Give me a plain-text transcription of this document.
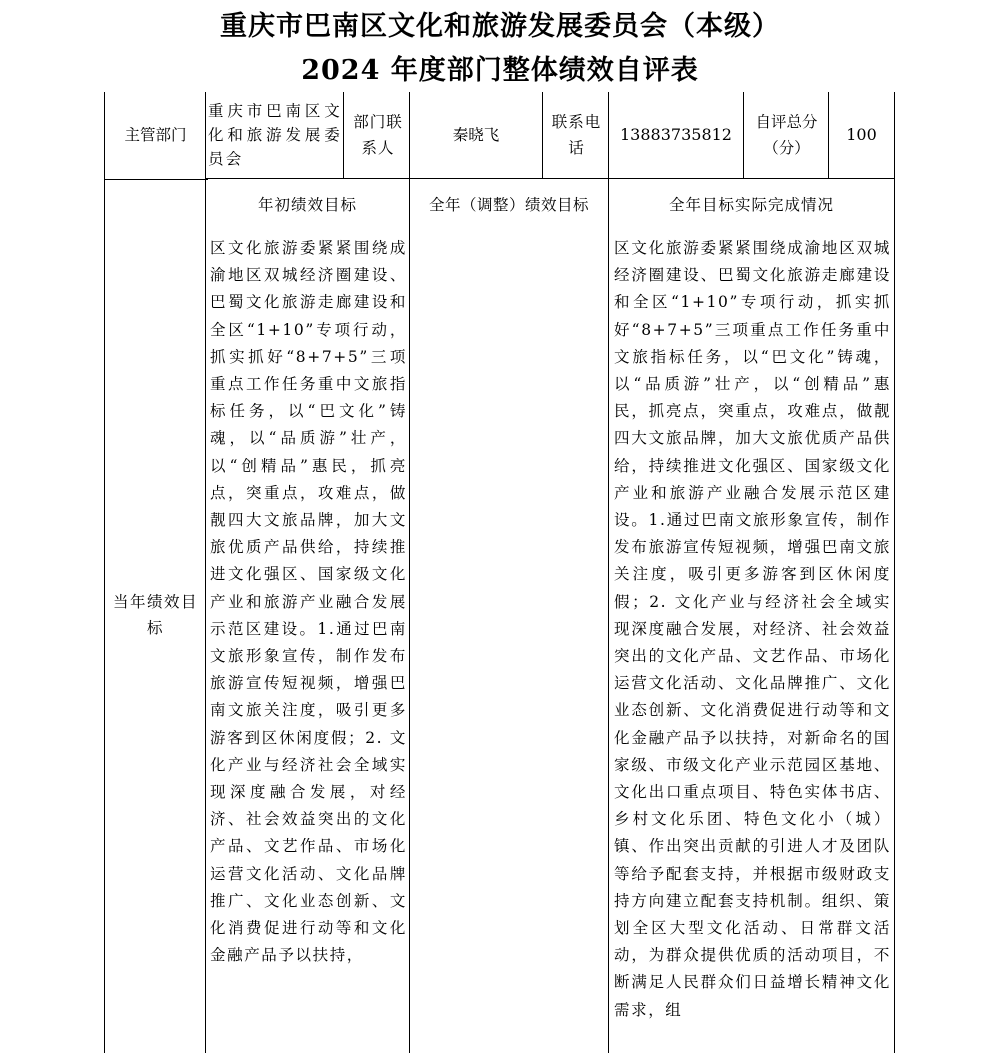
重庆市巴南区文化和旅游发展委员会（本级）
2024 年度部门整体绩效自评表
主管部门
重庆市巴南区文化和旅游发展委员会
部门联系人
秦晓飞
联系电话
13883735812
自评总分（分）
100
当年绩效目标
年初绩效目标	全年（调整）绩效目标	全年目标实际完成情况
区文化旅游委紧紧围绕成渝地区双城经济圈建设、巴蜀文化旅游走廊建设和全区“1+10”专项行动，抓实抓好“8+7+5”三项重点工作任务重中文旅指标任务，以“巴文化”铸魂，以“品质游”壮产，以“创精品”惠民，抓亮点，突重点，攻难点，做靓四大文旅品牌，加大文旅优质产品供给，持续推进文化强区、国家级文化产业和旅游产业融合发展示范区建设。1.通过巴南文旅形象宣传，制作发布旅游宣传短视频，增强巴南文旅关注度，吸引更多游客到区休闲度假；2. 文化产业与经济社会全域实现深度融合发展，对经济、社会效益突出的文化产品、文艺作品、市场化运营文化活动、文化品牌推广、文化业态创新、文化消费促进行动等和文化金融产品予以扶持，
区文化旅游委紧紧围绕成渝地区双城经济圈建设、巴蜀文化旅游走廊建设和全区“1+10”专项行动，抓实抓好“8+7+5”三项重点工作任务重中文旅指标任务，以“巴文化”铸魂，以“品质游”壮产，以“创精品”惠民，抓亮点，突重点，攻难点，做靓四大文旅品牌，加大文旅优质产品供给，持续推进文化强区、国家级文化产业和旅游产业融合发展示范区建设。1.通过巴南文旅形象宣传，制作发布旅游宣传短视频，增强巴南文旅关注度，吸引更多游客到区休闲度假；2. 文化产业与经济社会全域实现深度融合发展，对经济、社会效益突出的文化产品、文艺作品、市场化运营文化活动、文化品牌推广、文化业态创新、文化消费促进行动等和文化金融产品予以扶持，对新命名的国家级、市级文化产业示范园区基地、文化出口重点项目、特色实体书店、乡村文化乐团、特色文化小（城）镇、作出突出贡献的引进人才及团队等给予配套支持，并根据市级财政支持方向建立配套支持机制。组织、策划全区大型文化活动、日常群文活动，为群众提供优质的活动项目，不断满足人民群众们日益增长精神文化需求，组
